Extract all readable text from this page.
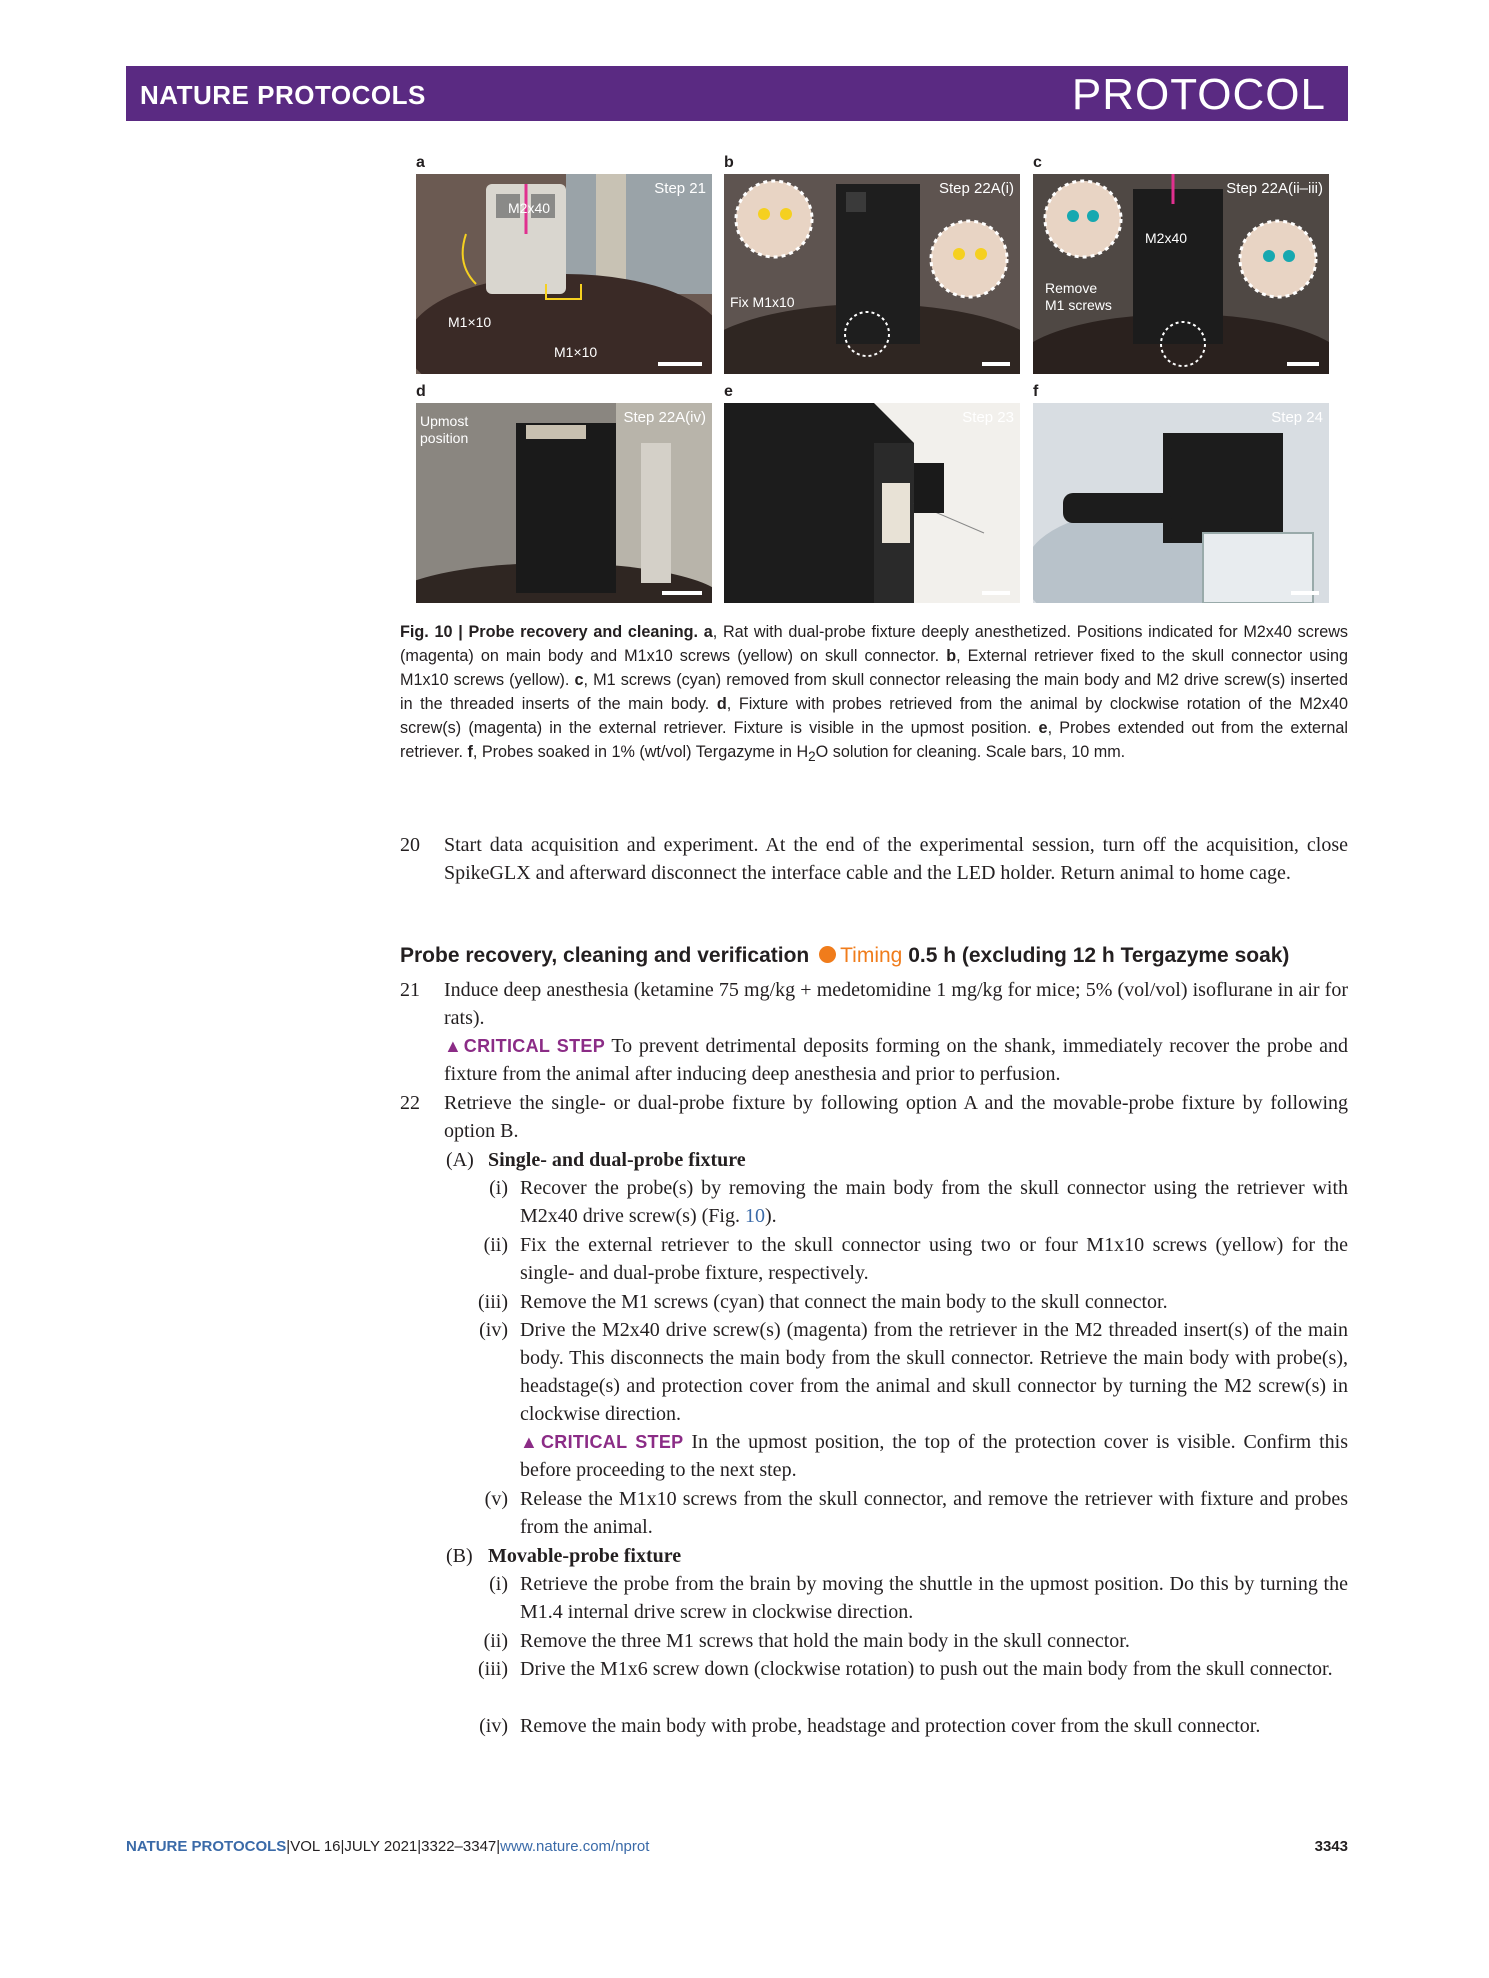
NATURE PROTOCOLS	PROTOCOL
a	b	c
d	e	f
Step 21
M2x40
M1×10
M1×10
Step 22A(i)
Fix M1x10
Step 22A(ii–iii)
M2x40
Remove
M1 screws
Step 22A(iv)
Upmost
position
Step 23	Step 24
Fig. 10 | Probe recovery and cleaning. a, Rat with dual-probe fixture deeply anesthetized. Positions indicated for M2x40 screws (magenta) on main body and M1x10 screws (yellow) on skull connector. b, External retriever fixed to the skull connector using M1x10 screws (yellow). c, M1 screws (cyan) removed from skull connector releasing the main body and M2 drive screw(s) inserted in the threaded inserts of the main body. d, Fixture with probes retrieved from the animal by clockwise rotation of the M2x40 screw(s) (magenta) in the external retriever. Fixture is visible in the upmost position. e, Probes extended out from the external retriever. f, Probes soaked in 1% (wt/vol) Tergazyme in $H_2O$ solution for cleaning. Scale bars, 10 mm.
20 Start data acquisition and experiment. At the end of the experimental session, turn off the acquisition, close SpikeGLX and afterward disconnect the interface cable and the LED holder. Return animal to home cage.
Probe recovery, cleaning and verification Timing 0.5 h (excluding 12 h Tergazyme soak)
21 Induce deep anesthesia (ketamine 75 mg/kg + medetomidine 1 mg/kg for mice; 5% (vol/vol) isoflurane in air for rats).
▲CRITICAL STEP To prevent detrimental deposits forming on the shank, immediately recover the probe and fixture from the animal after inducing deep anesthesia and prior to perfusion.
22 Retrieve the single- or dual-probe fixture by following option A and the movable-probe fixture by following option B.
(A) Single- and dual-probe fixture
(i) Recover the probe(s) by removing the main body from the skull connector using the retriever with M2x40 drive screw(s) (Fig. 10).
(ii) Fix the external retriever to the skull connector using two or four M1x10 screws (yellow) for the single- and dual-probe fixture, respectively.
(iii) Remove the M1 screws (cyan) that connect the main body to the skull connector.
(iv) Drive the M2x40 drive screw(s) (magenta) from the retriever in the M2 threaded insert(s) of the main body. This disconnects the main body from the skull connector. Retrieve the main body with probe(s), headstage(s) and protection cover from the animal and skull connector by turning the M2 screw(s) in clockwise direction.
▲CRITICAL STEP In the upmost position, the top of the protection cover is visible. Confirm this before proceeding to the next step.
(v) Release the M1x10 screws from the skull connector, and remove the retriever with fixture and probes from the animal.
(B) Movable-probe fixture
(i) Retrieve the probe from the brain by moving the shuttle in the upmost position. Do this by turning the M1.4 internal drive screw in clockwise direction.
(ii) Remove the three M1 screws that hold the main body in the skull connector.
(iii) Drive the M1x6 screw down (clockwise rotation) to push out the main body from the skull connector.
(iv) Remove the main body with probe, headstage and protection cover from the skull connector.
NATURE PROTOCOLS|VOL 16|JULY 2021|3322–3347|www.nature.com/nprot	3343
